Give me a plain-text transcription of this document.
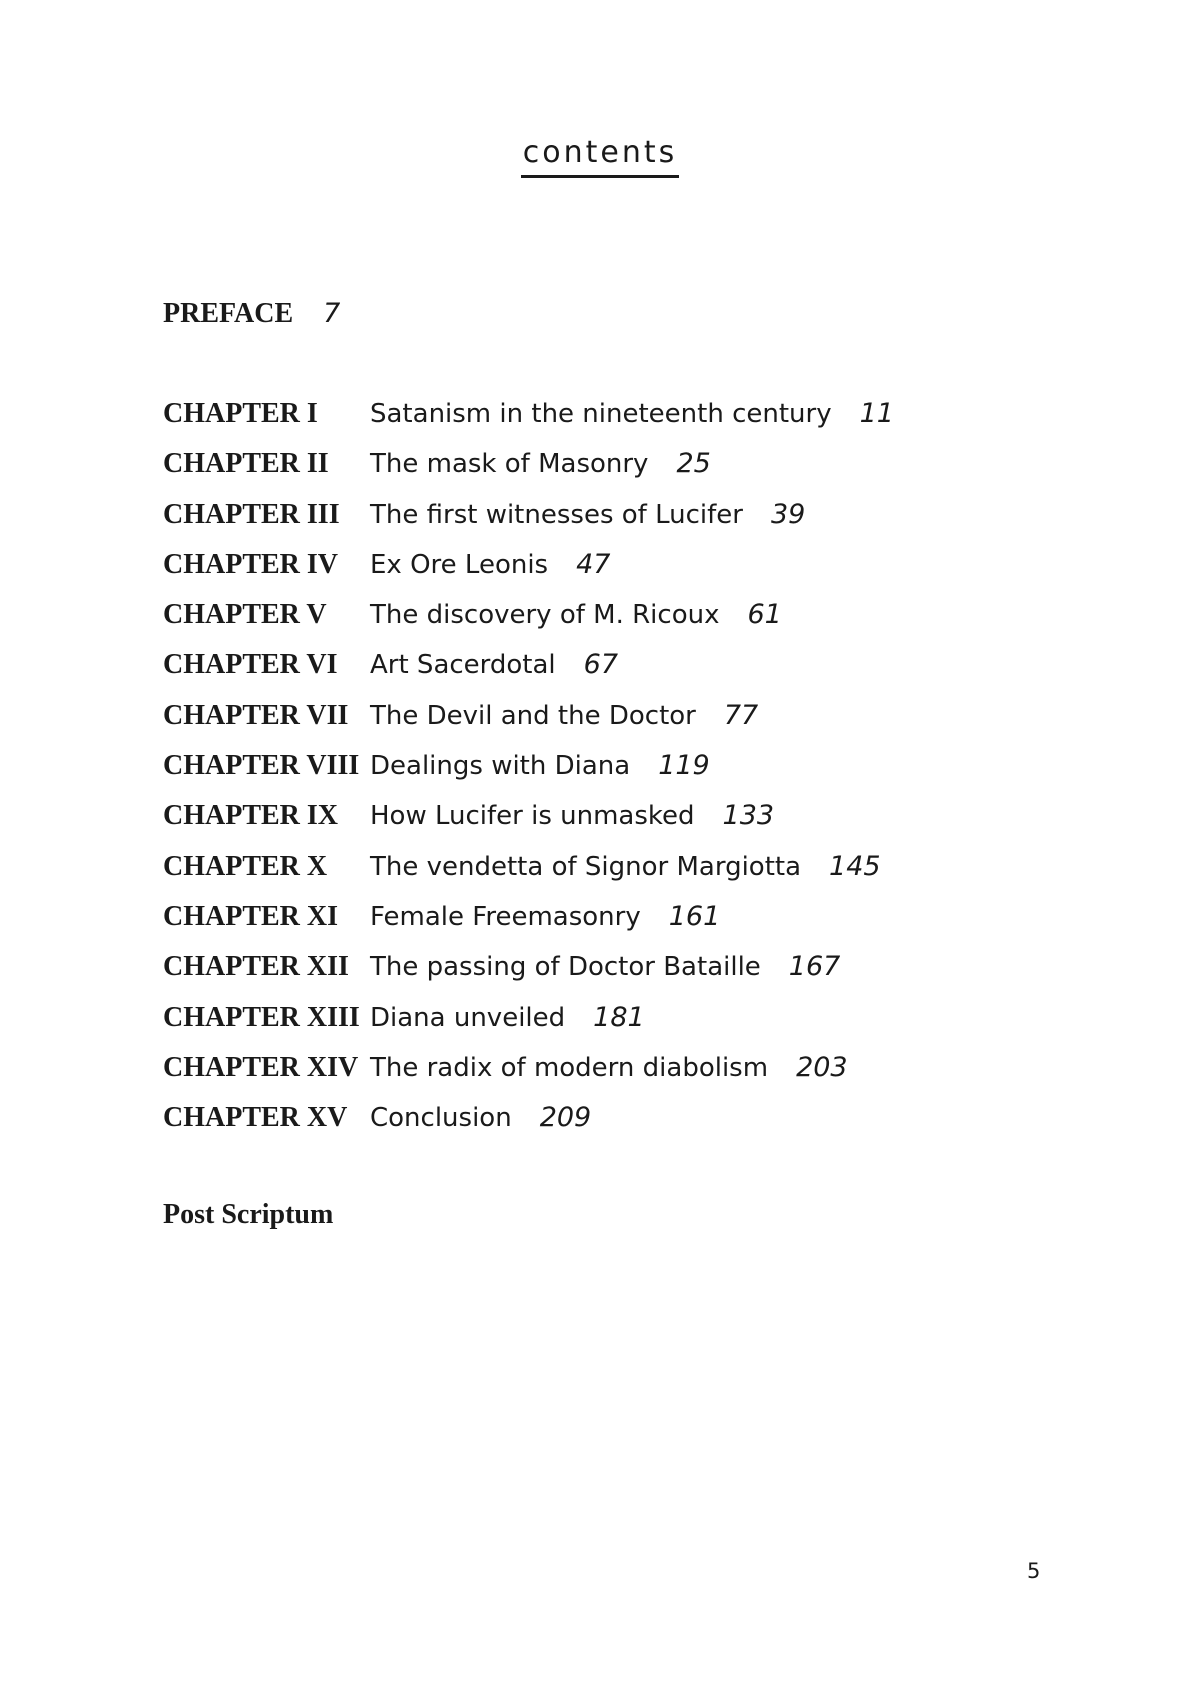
contents
PREFACE 7
CHAPTER I	Satanism in the nineteenth century 11
CHAPTER II	The mask of Masonry 25
CHAPTER III	The first witnesses of Lucifer 39
CHAPTER IV	Ex Ore Leonis 47
CHAPTER V	The discovery of M. Ricoux 61
CHAPTER VI	Art Sacerdotal 67
CHAPTER VII The Devil and the Doctor 77
CHAPTER VIII Dealings with Diana 119
CHAPTER IX	How Lucifer is unmasked 133
CHAPTER X	The vendetta of Signor Margiotta 145
CHAPTER XI	Female Freemasonry 161
CHAPTER XII The passing of Doctor Bataille 167
CHAPTER XIII Diana unveiled 181
CHAPTER XIV The radix of modern diabolism 203
CHAPTER XV Conclusion 209
Post Scriptum
5
